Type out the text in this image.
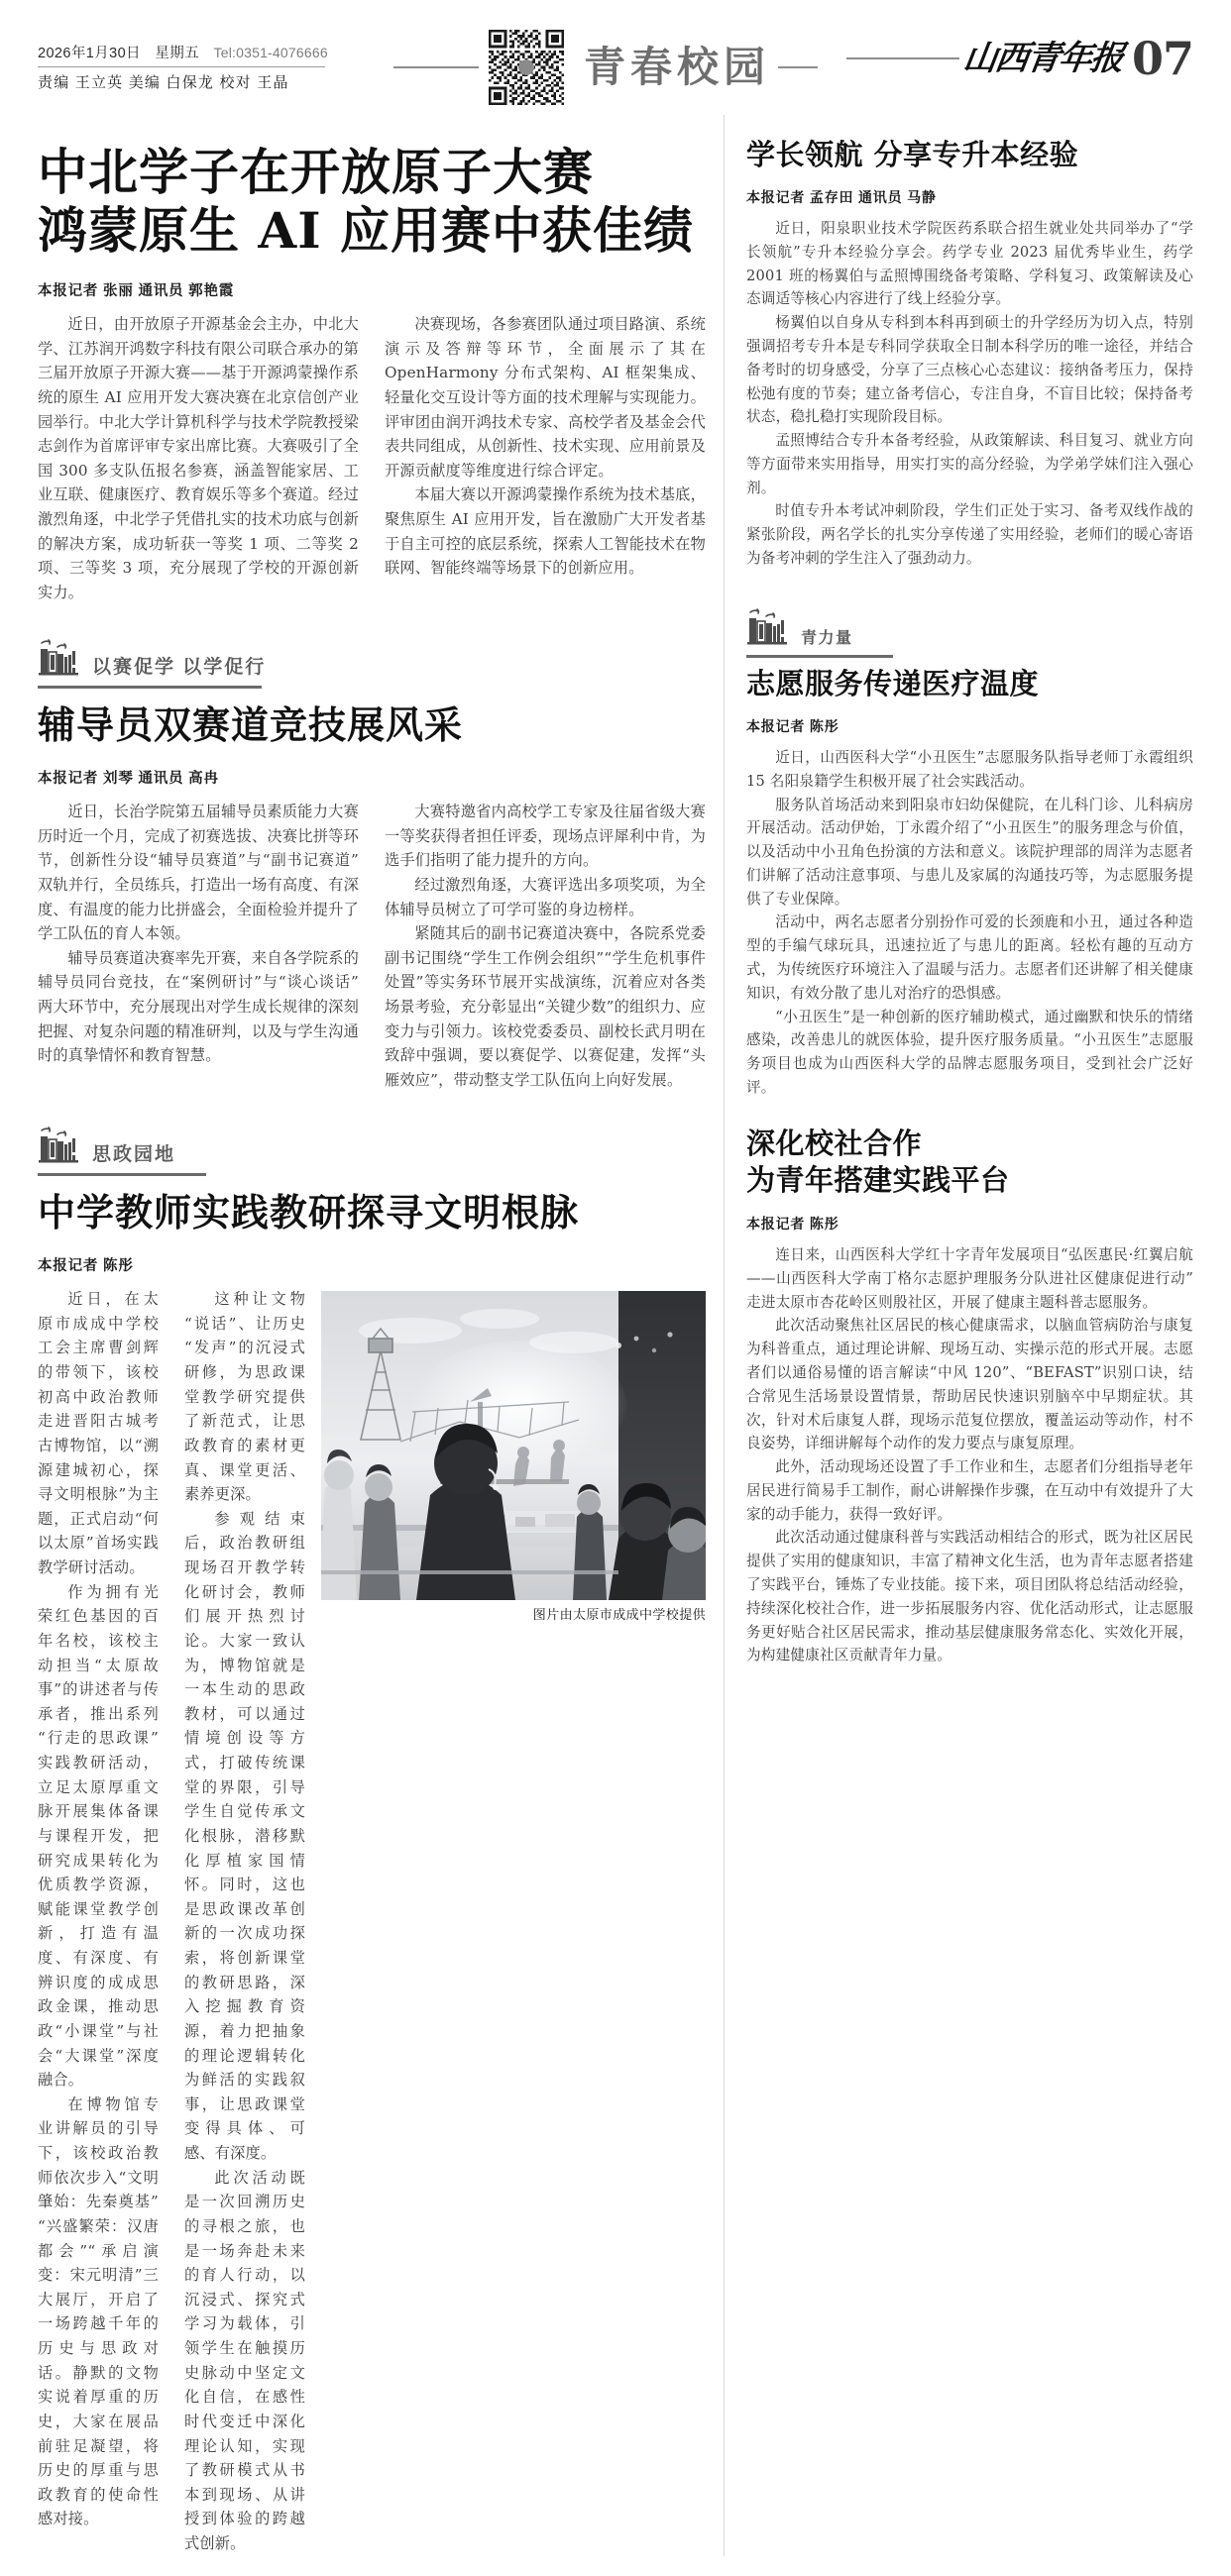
2026年1月30日 星期五 Tel:0351-4076666
责编 王立英 美编 白保龙 校对 王晶	青春校园	山西青年报 07
中北学子在开放原子大赛
鸿蒙原生 AI 应用赛中获佳绩
本报记者 张丽 通讯员 郭艳霞

近日，由开放原子开源基金会主办，中北大学、江苏润开鸿数字科技有限公司联合承办的第三届开放原子开源大赛——基于开源鸿蒙操作系统的原生 AI 应用开发大赛决赛在北京信创产业园举行。中北大学计算机科学与技术学院教授梁志剑作为首席评审专家出席比赛。大赛吸引了全国 300 多支队伍报名参赛，涵盖智能家居、工业互联、健康医疗、教育娱乐等多个赛道。经过激烈角逐，中北学子凭借扎实的技术功底与创新的解决方案，成功斩获一等奖 1 项、二等奖 2 项、三等奖 3 项，充分展现了学校的开源创新实力。

决赛现场，各参赛团队通过项目路演、系统演示及答辩等环节，全面展示了其在 OpenHarmony 分布式架构、AI 框架集成、轻量化交互设计等方面的技术理解与实现能力。评审团由润开鸿技术专家、高校学者及基金会代表共同组成，从创新性、技术实现、应用前景及开源贡献度等维度进行综合评定。

本届大赛以开源鸿蒙操作系统为技术基底，聚焦原生 AI 应用开发，旨在激励广大开发者基于自主可控的底层系统，探索人工智能技术在物联网、智能终端等场景下的创新应用。

以赛促学 以学促行
辅导员双赛道竞技展风采
本报记者 刘琴 通讯员 高冉

近日，长治学院第五届辅导员素质能力大赛历时近一个月，完成了初赛选拔、决赛比拼等环节，创新性分设“辅导员赛道”与“副书记赛道”双轨并行，全员练兵，打造出一场有高度、有深度、有温度的能力比拼盛会，全面检验并提升了学工队伍的育人本领。

辅导员赛道决赛率先开赛，来自各学院系的辅导员同台竞技，在“案例研讨”与“谈心谈话”两大环节中，充分展现出对学生成长规律的深刻把握、对复杂问题的精准研判，以及与学生沟通时的真挚情怀和教育智慧。

大赛特邀省内高校学工专家及往届省级大赛一等奖获得者担任评委，现场点评犀利中肯，为选手们指明了能力提升的方向。

经过激烈角逐，大赛评选出多项奖项，为全体辅导员树立了可学可鉴的身边榜样。

紧随其后的副书记赛道决赛中，各院系党委副书记围绕“学生工作例会组织”“学生危机事件处置”等实务环节展开实战演练，沉着应对各类场景考验，充分彰显出“关键少数”的组织力、应变力与引领力。该校党委委员、副校长武月明在致辞中强调，要以赛促学、以赛促建，发挥“头雁效应”，带动整支学工队伍向上向好发展。

思政园地
中学教师实践教研探寻文明根脉
本报记者 陈彤
图片由太原市成成中学校提供

近日，在太原市成成中学校工会主席曹剑辉的带领下，该校初高中政治教师走进晋阳古城考古博物馆，以“溯源建城初心，探寻文明根脉”为主题，正式启动“何以太原”首场实践教学研讨活动。

作为拥有光荣红色基因的百年名校，该校主动担当“太原故事”的讲述者与传承者，推出系列“行走的思政课”实践教研活动，立足太原厚重文脉开展集体备课与课程开发，把研究成果转化为优质教学资源，赋能课堂教学创新，打造有温度、有深度、有辨识度的成成思政金课，推动思政“小课堂”与社会“大课堂”深度融合。

在博物馆专业讲解员的引导下，该校政治教师依次步入“文明肇始：先秦奠基”“兴盛繁荣：汉唐都会”“承启演变：宋元明清”三大展厅，开启了一场跨越千年的历史与思政对话。静默的文物实说着厚重的历史，大家在展品前驻足凝望，将历史的厚重与思政教育的使命性感对接。

这种让文物“说话”、让历史“发声”的沉浸式研修，为思政课堂教学研究提供了新范式，让思政教育的素材更真、课堂更活、素养更深。

参观结束后，政治教研组现场召开教学转化研讨会，教师们展开热烈讨论。大家一致认为，博物馆就是一本生动的思政教材，可以通过情境创设等方式，打破传统课堂的界限，引导学生自觉传承文化根脉，潜移默化厚植家国情怀。同时，这也是思政课改革创新的一次成功探索，将创新课堂的教研思路，深入挖掘教育资源，着力把抽象的理论逻辑转化为鲜活的实践叙事，让思政课堂变得具体、可感、有深度。

此次活动既是一次回溯历史的寻根之旅，也是一场奔赴未来的育人行动，以沉浸式、探究式学习为载体，引领学生在触摸历史脉动中坚定文化自信，在感性时代变迁中深化理论认知，实现了教研模式从书本到现场、从讲授到体验的跨越式创新。

学长领航 分享专升本经验
本报记者 孟存田 通讯员 马静

近日，阳泉职业技术学院医药系联合招生就业处共同举办了“学长领航”专升本经验分享会。药学专业 2023 届优秀毕业生，药学 2001 班的杨翼伯与孟照博围绕备考策略、学科复习、政策解读及心态调适等核心内容进行了线上经验分享。

杨翼伯以自身从专科到本科再到硕士的升学经历为切入点，特别强调招考专升本是专科同学获取全日制本科学历的唯一途径，并结合备考时的切身感受，分享了三点核心心态建议：接纳备考压力，保持松弛有度的节奏；建立备考信心，专注自身，不盲目比较；保持备考状态，稳扎稳打实现阶段目标。

孟照博结合专升本备考经验，从政策解读、科目复习、就业方向等方面带来实用指导，用实打实的高分经验，为学弟学妹们注入强心剂。

时值专升本考试冲刺阶段，学生们正处于实习、备考双线作战的紧张阶段，两名学长的扎实分享传递了实用经验，老师们的暖心寄语为备考冲刺的学生注入了强劲动力。

青力量
志愿服务传递医疗温度
本报记者 陈彤

近日，山西医科大学“小丑医生”志愿服务队指导老师丁永霞组织 15 名阳泉籍学生积极开展了社会实践活动。

服务队首场活动来到阳泉市妇幼保健院，在儿科门诊、儿科病房开展活动。活动伊始，丁永霞介绍了“小丑医生”的服务理念与价值，以及活动中小丑角色扮演的方法和意义。该院护理部的周洋为志愿者们讲解了活动注意事项、与患儿及家属的沟通技巧等，为志愿服务提供了专业保障。

活动中，两名志愿者分别扮作可爱的长颈鹿和小丑，通过各种造型的手编气球玩具，迅速拉近了与患儿的距离。轻松有趣的互动方式，为传统医疗环境注入了温暖与活力。志愿者们还讲解了相关健康知识，有效分散了患儿对治疗的恐惧感。

“小丑医生”是一种创新的医疗辅助模式，通过幽默和快乐的情绪感染，改善患儿的就医体验，提升医疗服务质量。“小丑医生”志愿服务项目也成为山西医科大学的品牌志愿服务项目，受到社会广泛好评。

深化校社合作
为青年搭建实践平台
本报记者 陈彤

连日来，山西医科大学红十字青年发展项目“弘医惠民·红翼启航——山西医科大学南丁格尔志愿护理服务分队进社区健康促进行动”走进太原市杏花岭区则殷社区，开展了健康主题科普志愿服务。

此次活动聚焦社区居民的核心健康需求，以脑血管病防治与康复为科普重点，通过理论讲解、现场互动、实操示范的形式开展。志愿者们以通俗易懂的语言解读“中风 120”、“BEFAST”识别口诀，结合常见生活场景设置情景，帮助居民快速识别脑卒中早期症状。其次，针对术后康复人群，现场示范复位摆放，覆盖运动等动作，村不良姿势，详细讲解每个动作的发力要点与康复原理。

此外，活动现场还设置了手工作业和生，志愿者们分组指导老年居民进行简易手工制作，耐心讲解操作步骤，在互动中有效提升了大家的动手能力，获得一致好评。

此次活动通过健康科普与实践活动相结合的形式，既为社区居民提供了实用的健康知识，丰富了精神文化生活，也为青年志愿者搭建了实践平台，锤炼了专业技能。接下来，项目团队将总结活动经验，持续深化校社合作，进一步拓展服务内容、优化活动形式，让志愿服务更好贴合社区居民需求，推动基层健康服务常态化、实效化开展，为构建健康社区贡献青年力量。
